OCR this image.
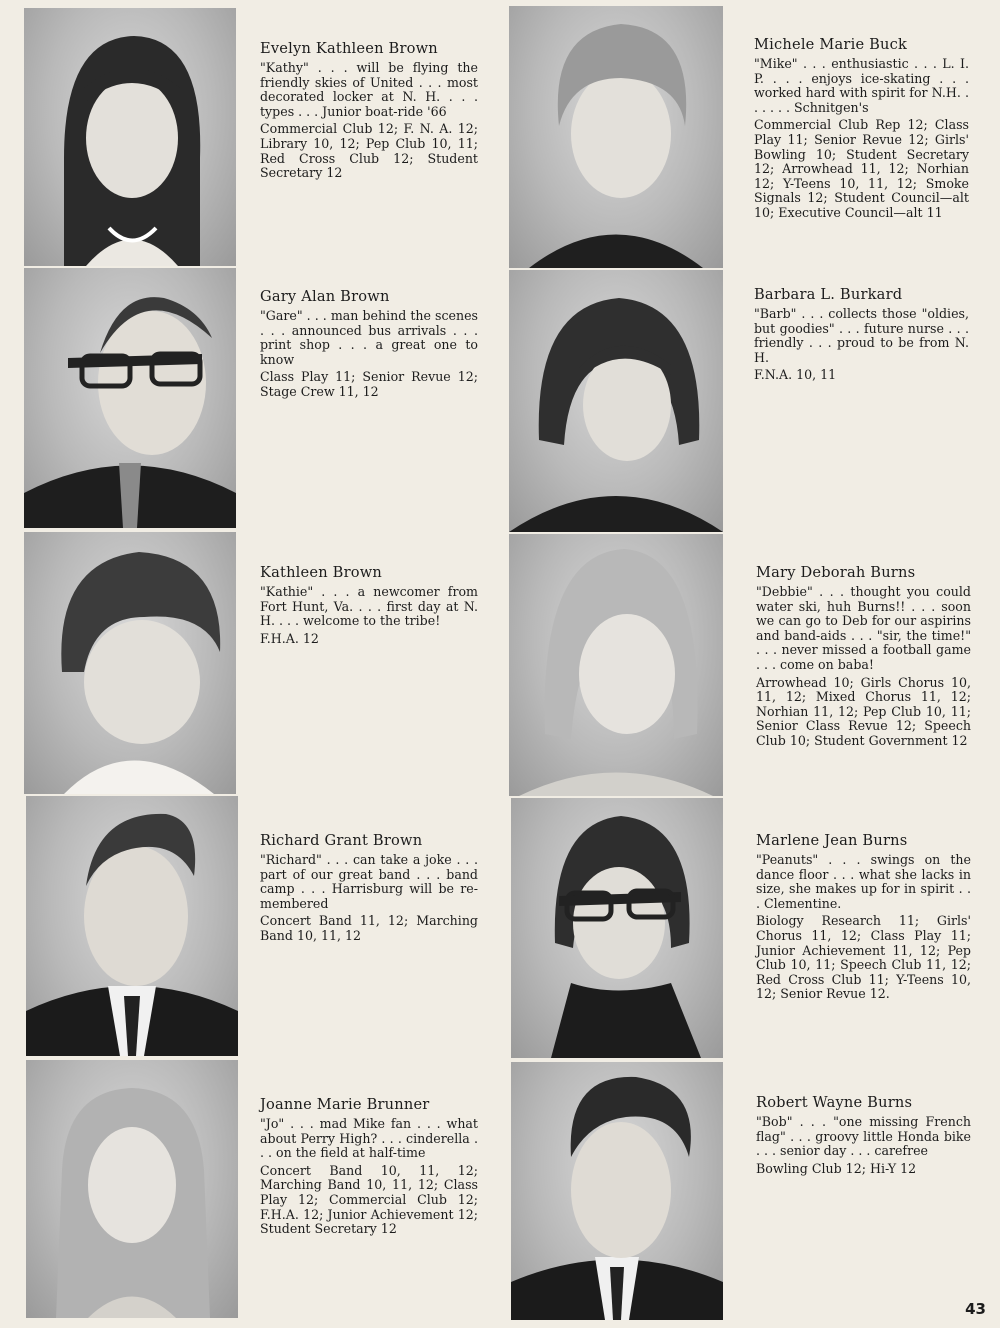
Evelyn Kathleen Brown

"Kathy" . . . will be flying the friendly skies of United . . . most decorated locker at N. H. . . . types . . . Junior boat-ride '66

Commercial Club 12; F. N. A. 12; Library 10, 12; Pep Club 10, 11; Red Cross Club 12; Student Secretary 12

Gary Alan Brown

"Gare" . . . man behind the scenes . . . announced bus arrivals . . . print shop . . . a great one to know

Class Play 11; Senior Revue 12; Stage Crew 11, 12

Kathleen Brown

"Kathie" . . . a newcomer from Fort Hunt, Va. . . . first day at N. H. . . . welcome to the tribe!

F.H.A. 12

Richard Grant Brown

"Richard" . . . can take a joke . . . part of our great band . . . band camp . . . Harrisburg will be re-membered

Concert Band 11, 12; Marching Band 10, 11, 12

Joanne Marie Brunner

"Jo" . . . mad Mike fan . . . what about Perry High? . . . cinderella . . . on the field at half-time

Concert Band 10, 11, 12; Marching Band 10, 11, 12; Class Play 12; Commercial Club 12; F.H.A. 12; Junior Achievement 12; Student Secretary 12

Michele Marie Buck

"Mike" . . . enthusiastic . . . L. I. P. . . . enjoys ice-skating . . . worked hard with spirit for N.H. . . . . . . Schnitgen's

Commercial Club Rep 12; Class Play 11; Senior Revue 12; Girls' Bowling 10; Student Secretary 12; Arrowhead 11, 12; Norhian 12; Y-Teens 10, 11, 12; Smoke Signals 12; Student Council—alt 10; Executive Council—alt 11

Barbara L. Burkard

"Barb" . . . collects those "oldies, but goodies" . . . future nurse . . . friendly . . . proud to be from N. H.

F.N.A. 10, 11

Mary Deborah Burns

"Debbie" . . . thought you could water ski, huh Burns!! . . . soon we can go to Deb for our aspirins and band-aids . . . "sir, the time!" . . . never missed a football game . . . come on baba!

Arrowhead 10; Girls Chorus 10, 11, 12; Mixed Chorus 11, 12; Norhian 11, 12; Pep Club 10, 11; Senior Class Revue 12; Speech Club 10; Student Government 12

Marlene Jean Burns

"Peanuts" . . . swings on the dance floor . . . what she lacks in size, she makes up for in spirit . . . Clementine.

Biology Research 11; Girls' Chorus 11, 12; Class Play 11; Junior Achievement 11, 12; Pep Club 10, 11; Speech Club 11, 12; Red Cross Club 11; Y-Teens 10, 12; Senior Revue 12.

Robert Wayne Burns

"Bob" . . . "one missing French flag" . . . groovy little Honda bike . . . senior day . . . carefree

Bowling Club 12; Hi-Y 12

43
